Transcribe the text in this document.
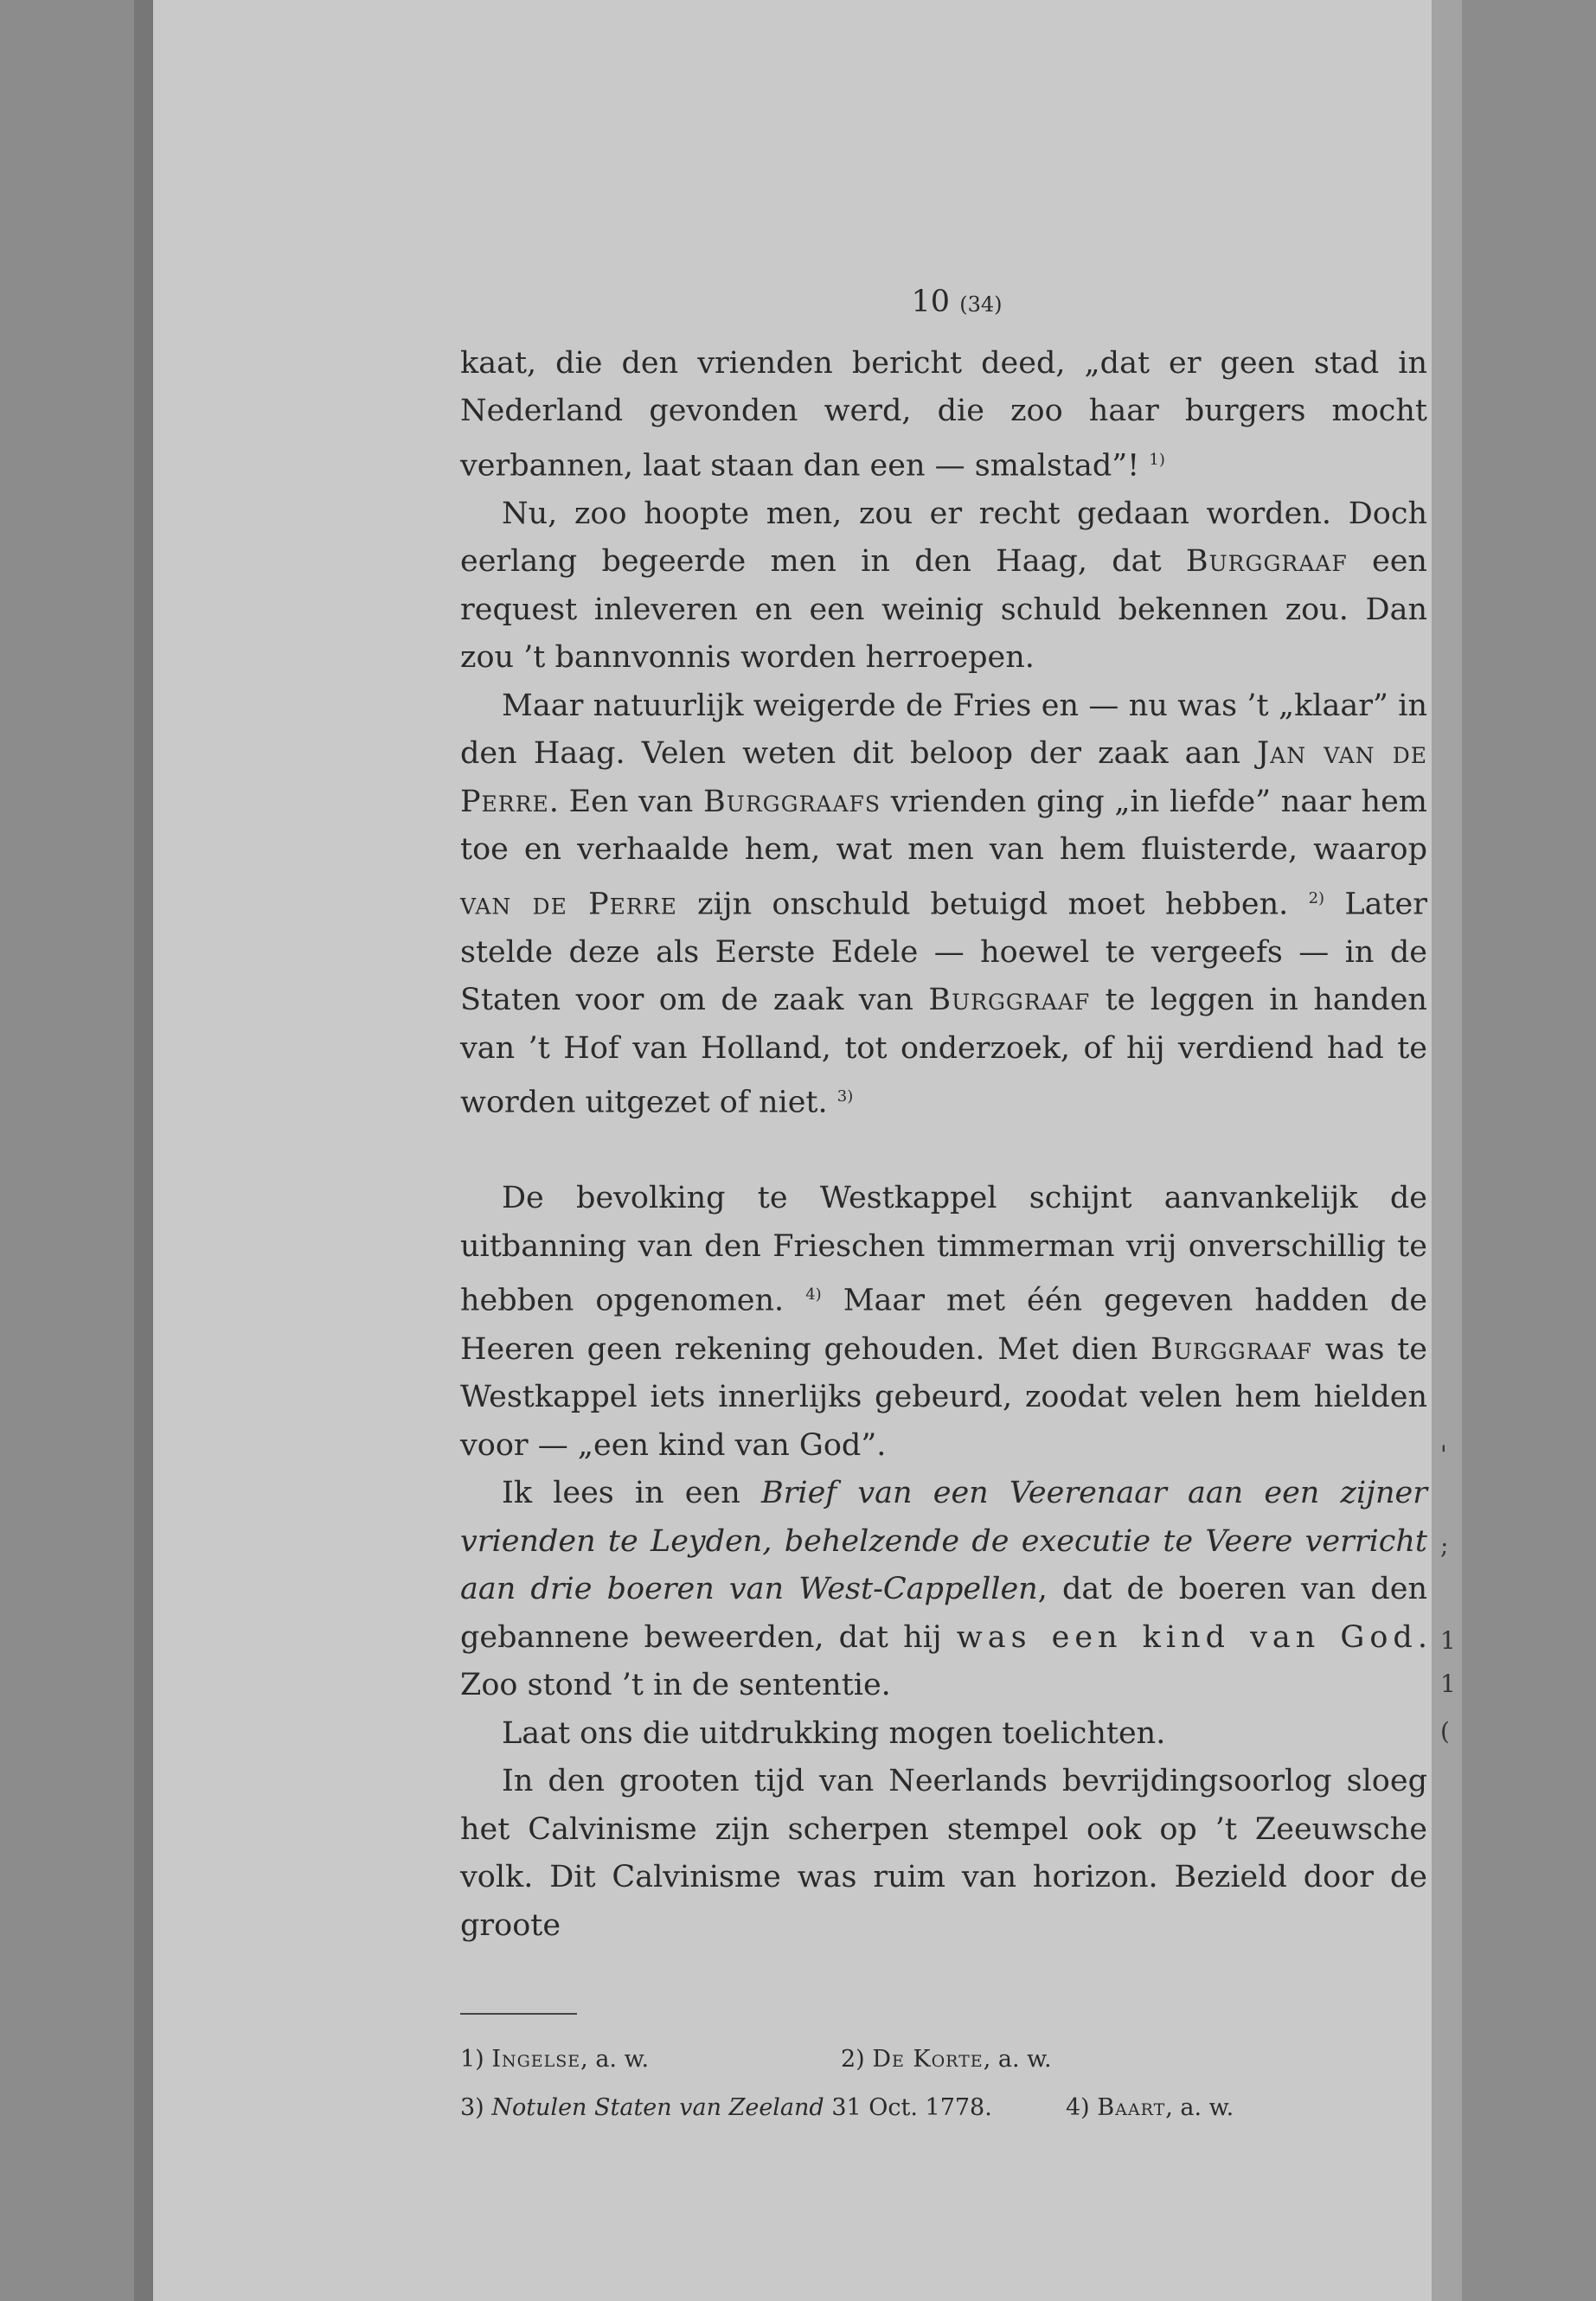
10 (34)

kaat, die den vrienden bericht deed, „dat er geen stad in Nederland gevonden werd, die zoo haar burgers mocht verbannen, laat staan dan een — smalstad”! $^{1)}$

Nu, zoo hoopte men, zou er recht gedaan worden. Doch eerlang begeerde men in den Haag, dat Burggraaf een request inleveren en een weinig schuld bekennen zou. Dan zou ’t bannvonnis worden herroepen.

Maar natuurlijk weigerde de Fries en — nu was ’t „klaar” in den Haag. Velen weten dit beloop der zaak aan Jan van de Perre. Een van Burggraafs vrienden ging „in liefde” naar hem toe en verhaalde hem, wat men van hem fluisterde, waarop van de Perre zijn onschuld betuigd moet hebben. $^{2)}$ Later stelde deze als Eerste Edele — hoewel te vergeefs — in de Staten voor om de zaak van Burggraaf te leggen in handen van ’t Hof van Holland, tot onderzoek, of hij verdiend had te worden uitgezet of niet. $^{3)}$

De bevolking te Westkappel schijnt aanvankelijk de uitbanning van den Frieschen timmerman vrij onverschillig te hebben opgenomen. $^{4)}$ Maar met één gegeven hadden de Heeren geen rekening gehouden. Met dien Burggraaf was te Westkappel iets innerlijks gebeurd, zoodat velen hem hielden voor — „een kind van God”.

Ik lees in een Brief van een Veerenaar aan een zijner vrienden te Leyden, behelzende de executie te Veere verricht aan drie boeren van West-Cappellen, dat de boeren van den gebannene beweerden, dat hij was een kind van God. Zoo stond ’t in de sententie.

Laat ons die uitdrukking mogen toelichten.

In den grooten tijd van Neerlands bevrijdingsoorlog sloeg het Calvinisme zijn scherpen stempel ook op ’t Zeeuwsche volk. Dit Calvinisme was ruim van horizon. Bezield door de groote

1) Ingelse, a. w.	2) De Korte, a. w.
3) Notulen Staten van Zeeland 31 Oct. 1778.	4) Baart, a. w.
'
;
1
1
(
